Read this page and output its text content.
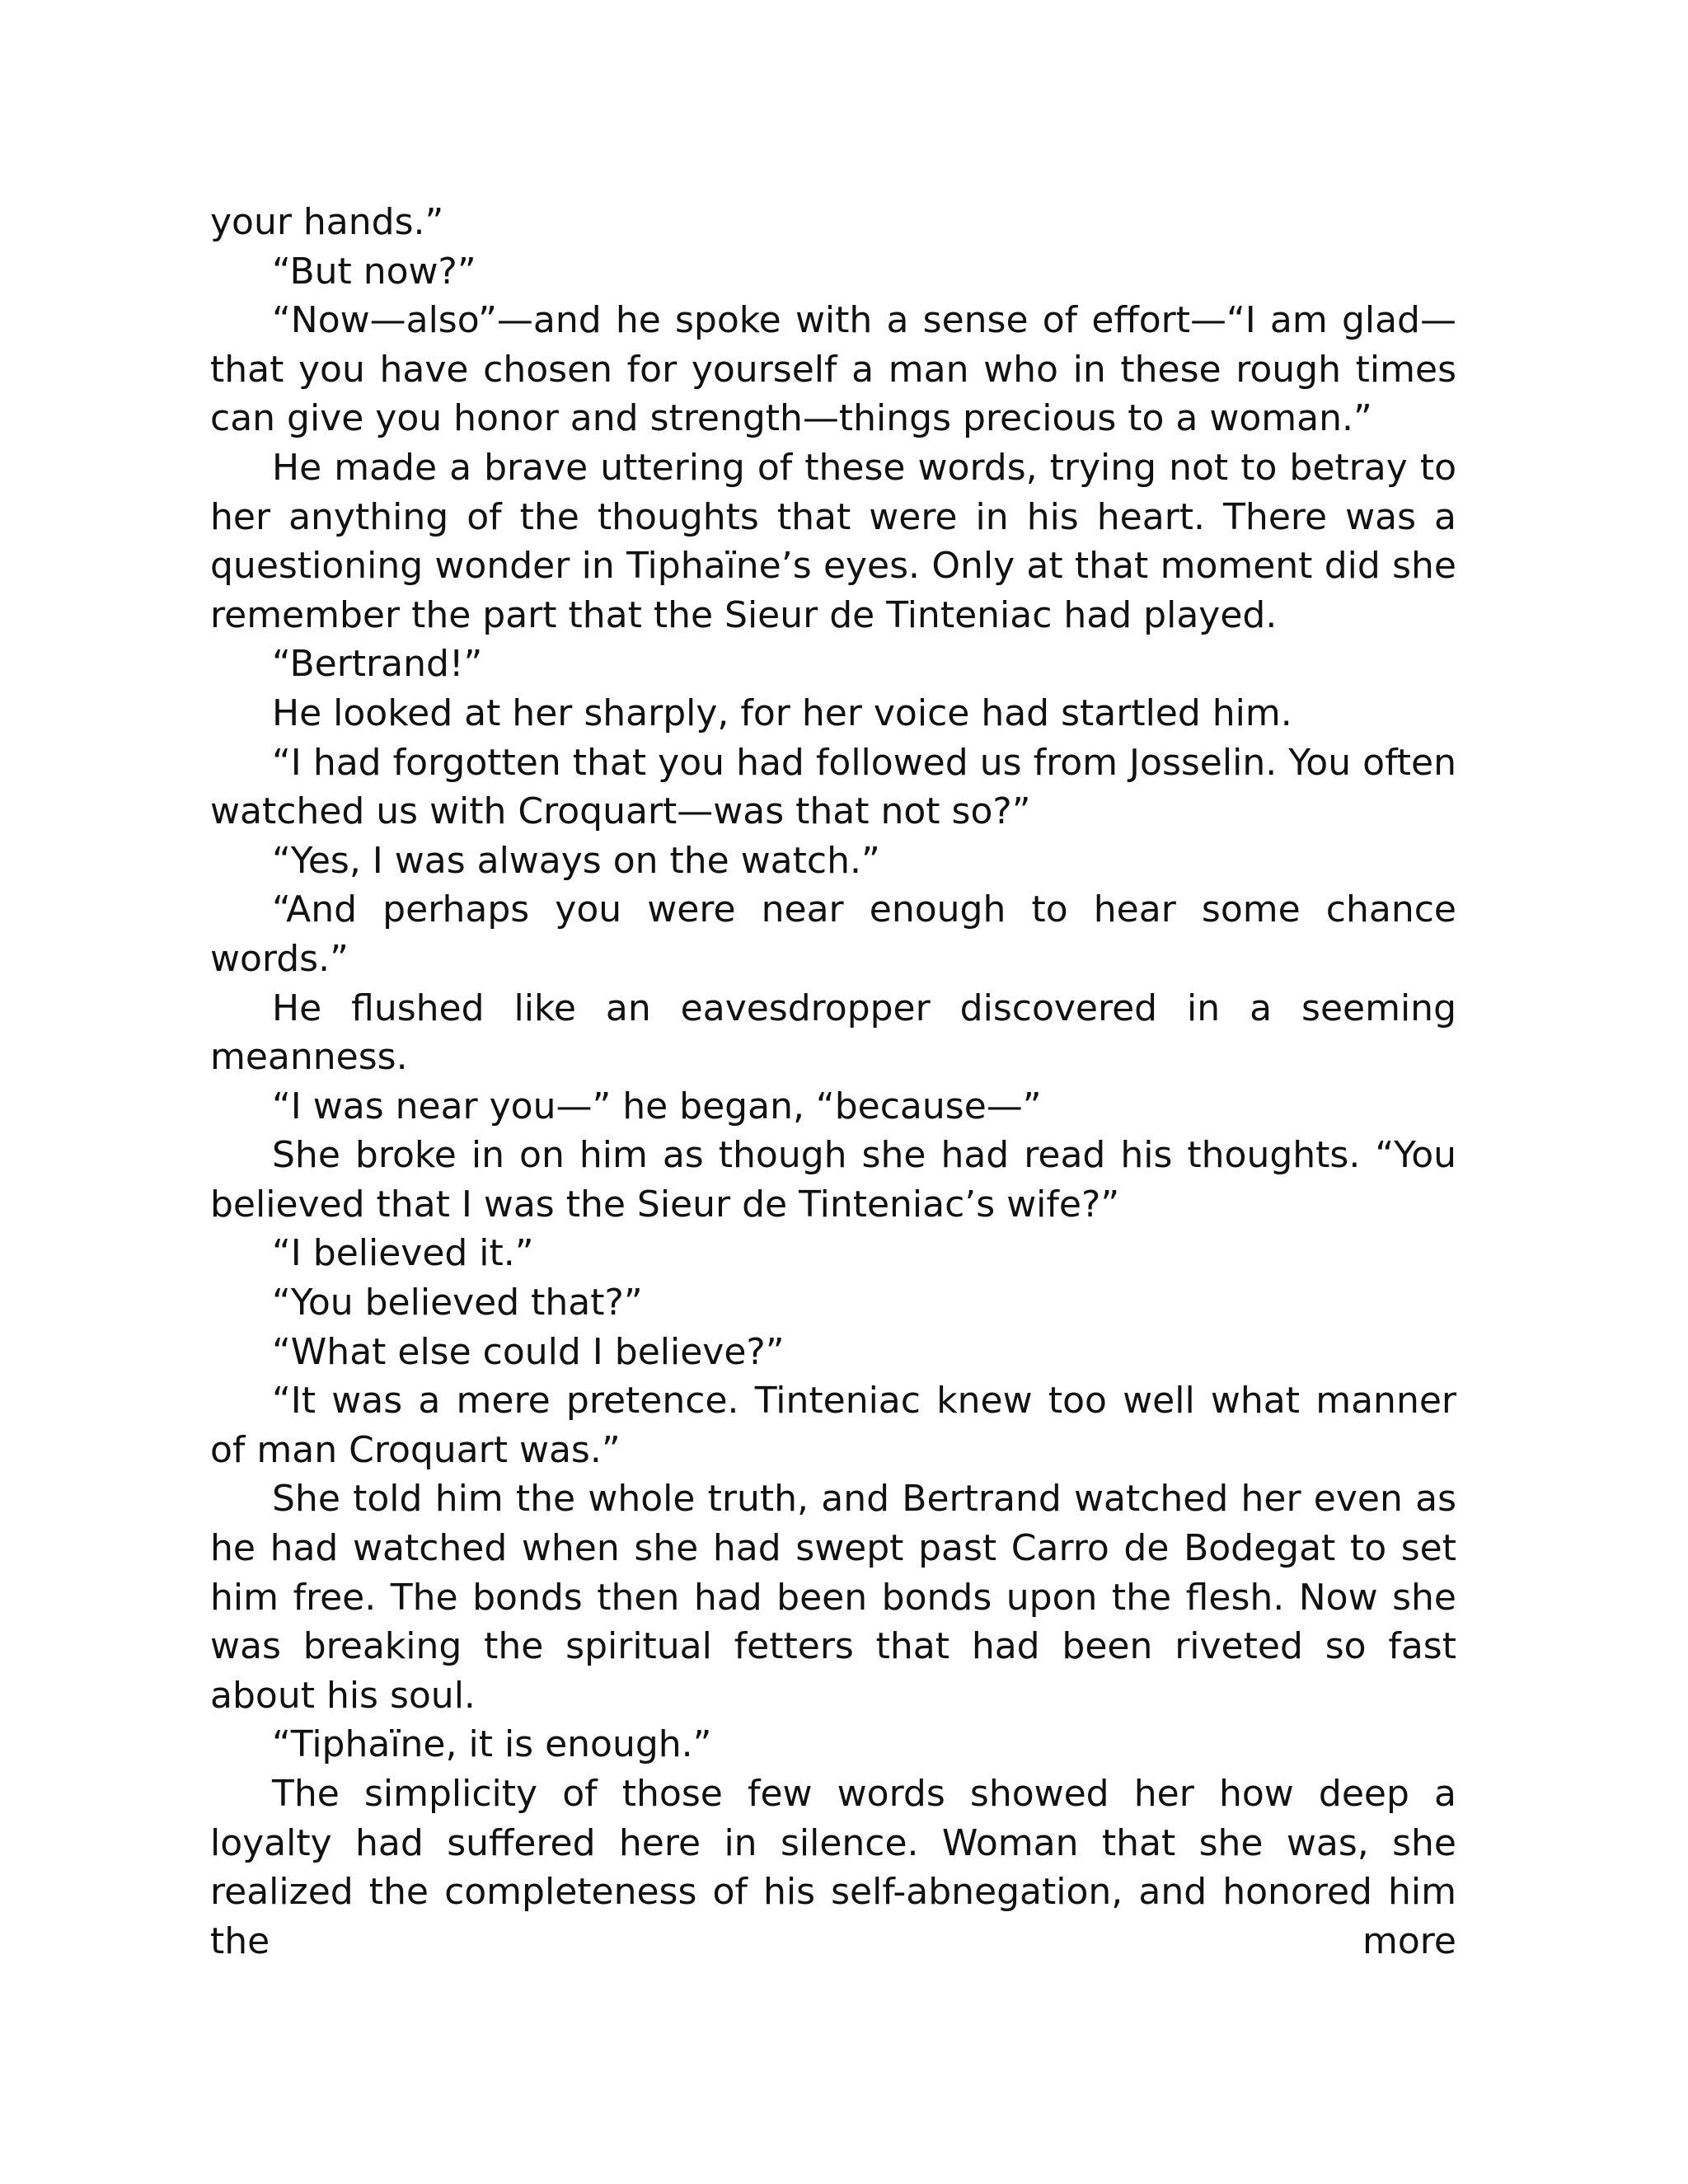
your hands.”

“But now?”

“Now—also”—and he spoke with a sense of effort—“I am glad—that you have chosen for yourself a man who in these rough times can give you honor and strength—things precious to a woman.”

He made a brave uttering of these words, trying not to betray to her anything of the thoughts that were in his heart. There was a questioning wonder in Tiphaïne’s eyes. Only at that moment did she remember the part that the Sieur de Tinteniac had played.

“Bertrand!”

He looked at her sharply, for her voice had startled him.

“I had forgotten that you had followed us from Josselin. You often watched us with Croquart—was that not so?”

“Yes, I was always on the watch.”

“And perhaps you were near enough to hear some chance words.”

He flushed like an eavesdropper discovered in a seeming meanness.

“I was near you—” he began, “because—”

She broke in on him as though she had read his thoughts. “You believed that I was the Sieur de Tinteniac’s wife?”

“I believed it.”

“You believed that?”

“What else could I believe?”

“It was a mere pretence. Tinteniac knew too well what manner of man Croquart was.”

She told him the whole truth, and Bertrand watched her even as he had watched when she had swept past Carro de Bodegat to set him free. The bonds then had been bonds upon the flesh. Now she was breaking the spiritual fetters that had been riveted so fast about his soul.

“Tiphaïne, it is enough.”

The simplicity of those few words showed her how deep a loyalty had suffered here in silence. Woman that she was, she realized the completeness of his self-abnegation, and honored him the more
